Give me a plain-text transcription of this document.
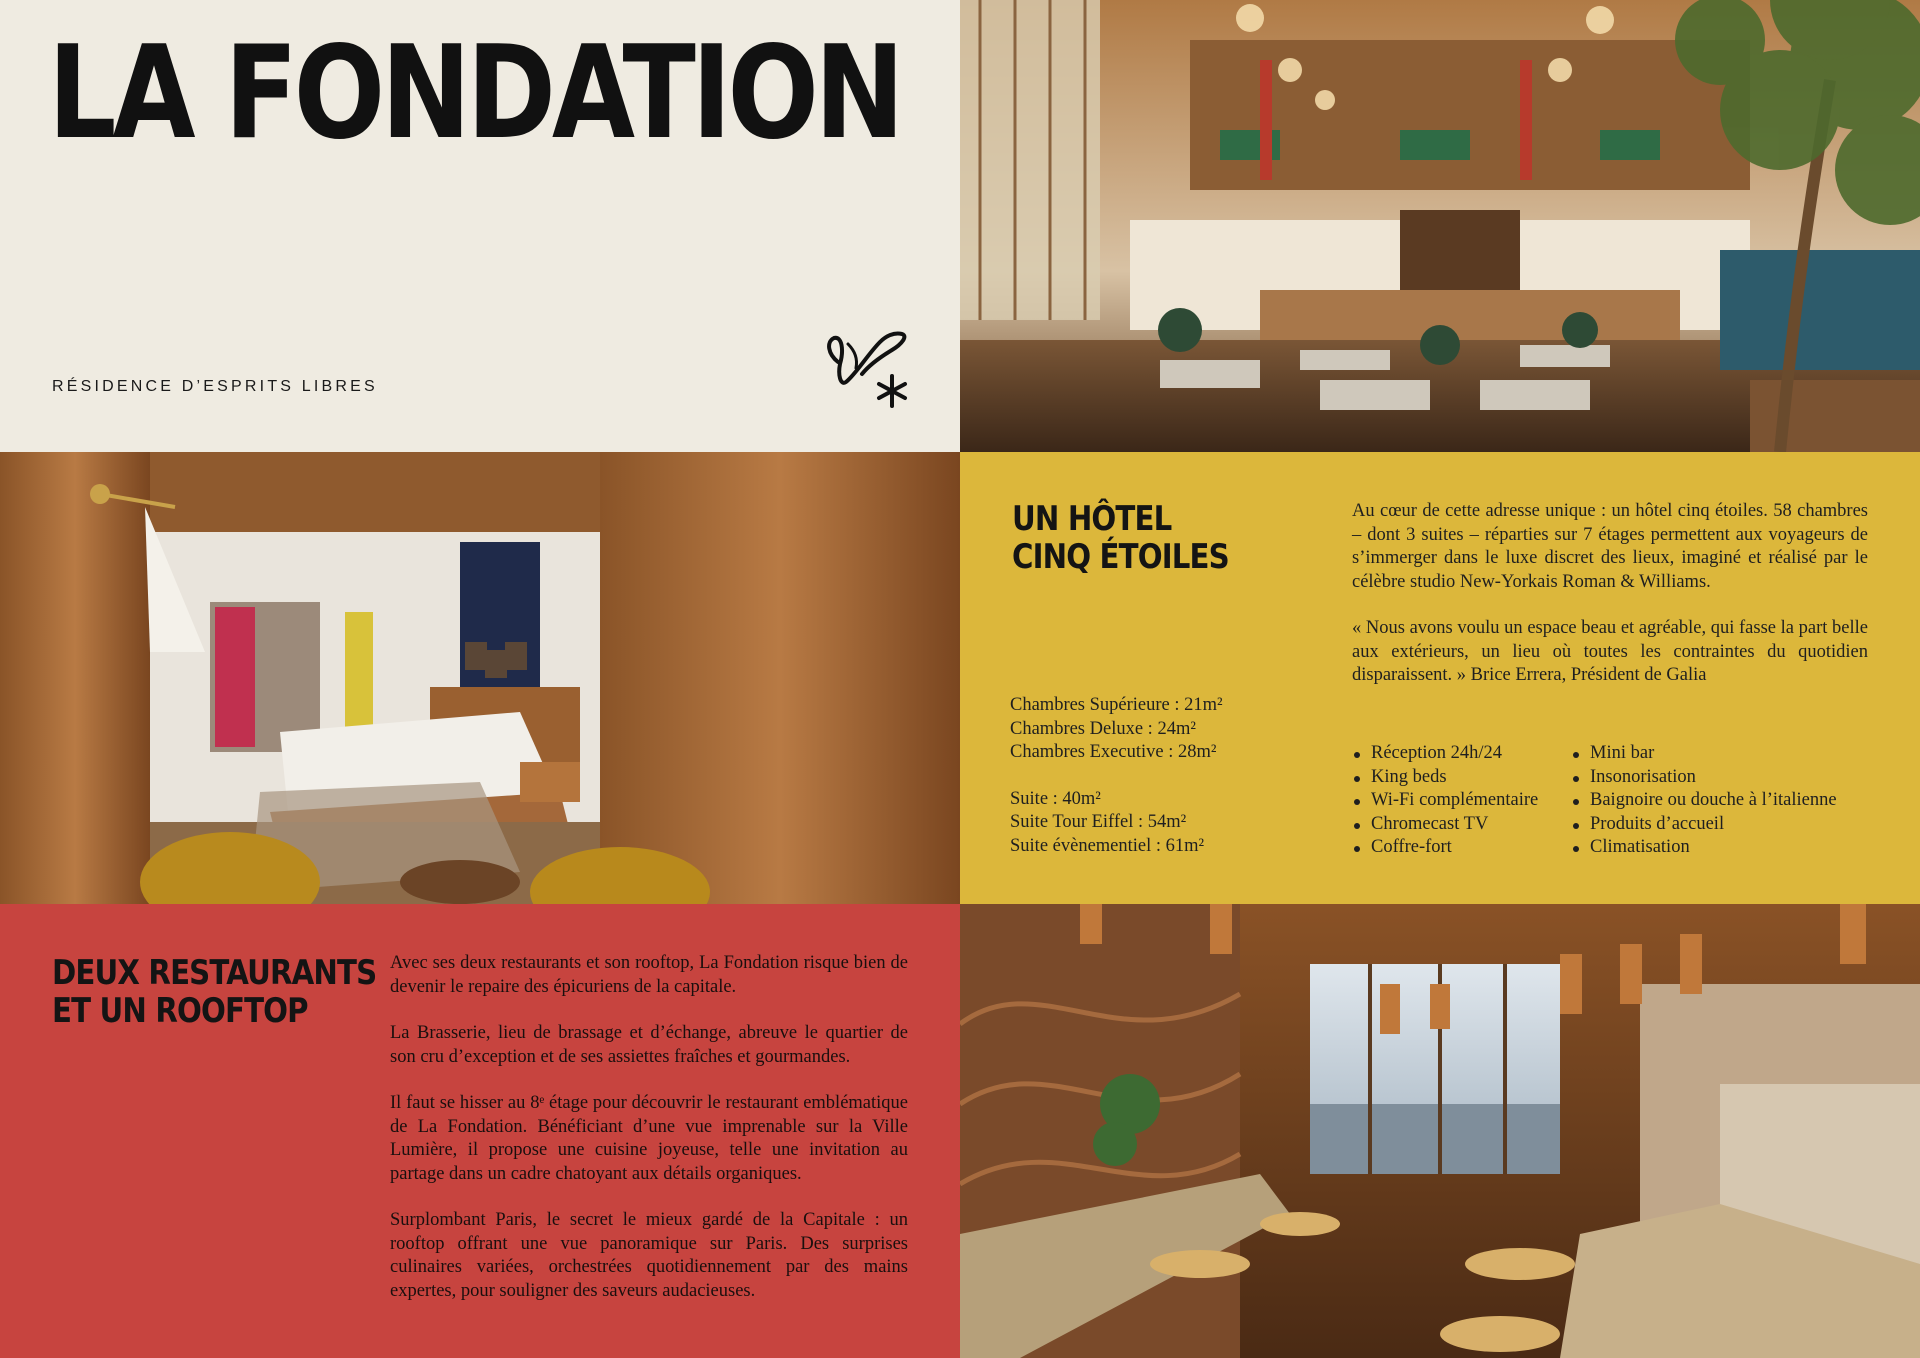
LA FONDATION
RÉSIDENCE D’ESPRITS LIBRES
UN HÔTEL
CINQ ÉTOILES

Au cœur de cette adresse unique : un hôtel cinq étoiles. 58 chambres – dont 3 suites – réparties sur 7 étages permettent aux voyageurs de s’immerger dans le luxe discret des lieux, imaginé et réalisé par le célèbre studio New-Yorkais Roman & Williams.

« Nous avons voulu un espace beau et agréable, qui fasse la part belle aux extérieurs, un lieu où toutes les contraintes du quotidien disparaissent. » Brice Errera, Président de Galia

Chambres Supérieure : 21m²
Chambres Deluxe : 24m²
Chambres Executive : 28m²
Suite : 40m²
Suite Tour Eiffel : 54m²
Suite évènementiel : 61m²
Réception 24h/24
King beds
Wi-Fi complémentaire
Chromecast TV
Coffre-fort
Mini bar
Insonorisation
Baignoire ou douche à l’italienne
Produits d’accueil
Climatisation
DEUX RESTAURANTS
ET UN ROOFTOP

Avec ses deux restaurants et son rooftop, La Fondation risque bien de devenir le repaire des épicuriens de la capitale.

La Brasserie, lieu de brassage et d’échange, abreuve le quartier de son cru d’exception et de ses assiettes fraîches et gourmandes.

Il faut se hisser au 8ᵉ étage pour découvrir le restaurant emblématique de La Fondation. Bénéficiant d’une vue imprenable sur la Ville Lumière, il propose une cuisine joyeuse, telle une invitation au partage dans un cadre chatoyant aux détails organiques.

Surplombant Paris, le secret le mieux gardé de la Capitale : un rooftop offrant une vue panoramique sur Paris. Des surprises culinaires variées, orchestrées quotidiennement par des mains expertes, pour souligner des saveurs audacieuses.
